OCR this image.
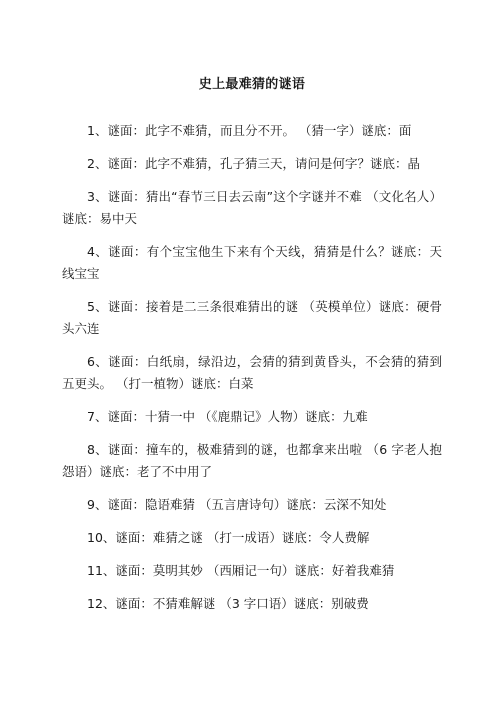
史上最难猜的谜语
1、谜面：此字不难猜，而且分不开。 （猜一字）谜底：面
2、谜面：此字不难猜，孔子猜三天，请问是何字？谜底：晶
3、谜面：猜出“春节三日去云南”这个字谜并不难 （文化名人）谜底：易中天
4、谜面：有个宝宝他生下来有个天线，猜猜是什么？谜底：天线宝宝
5、谜面：接着是二三条很难猜出的谜 （英模单位）谜底：硬骨头六连
6、谜面：白纸扇，绿沿边，会猜的猜到黄昏头，不会猜的猜到五更头。 （打一植物）谜底：白菜
7、谜面：十猜一中 （《鹿鼎记》人物）谜底：九难
8、谜面：撞车的，极难猜到的谜，也都拿来出啦 （6 字老人抱怨语）谜底：老了不中用了
9、谜面：隐语难猜 （五言唐诗句）谜底：云深不知处
10、谜面：难猜之谜 （打一成语）谜底：令人费解
11、谜面：莫明其妙 （西厢记一句）谜底：好着我难猜
12、谜面：不猜难解谜 （3 字口语）谜底：别破费
